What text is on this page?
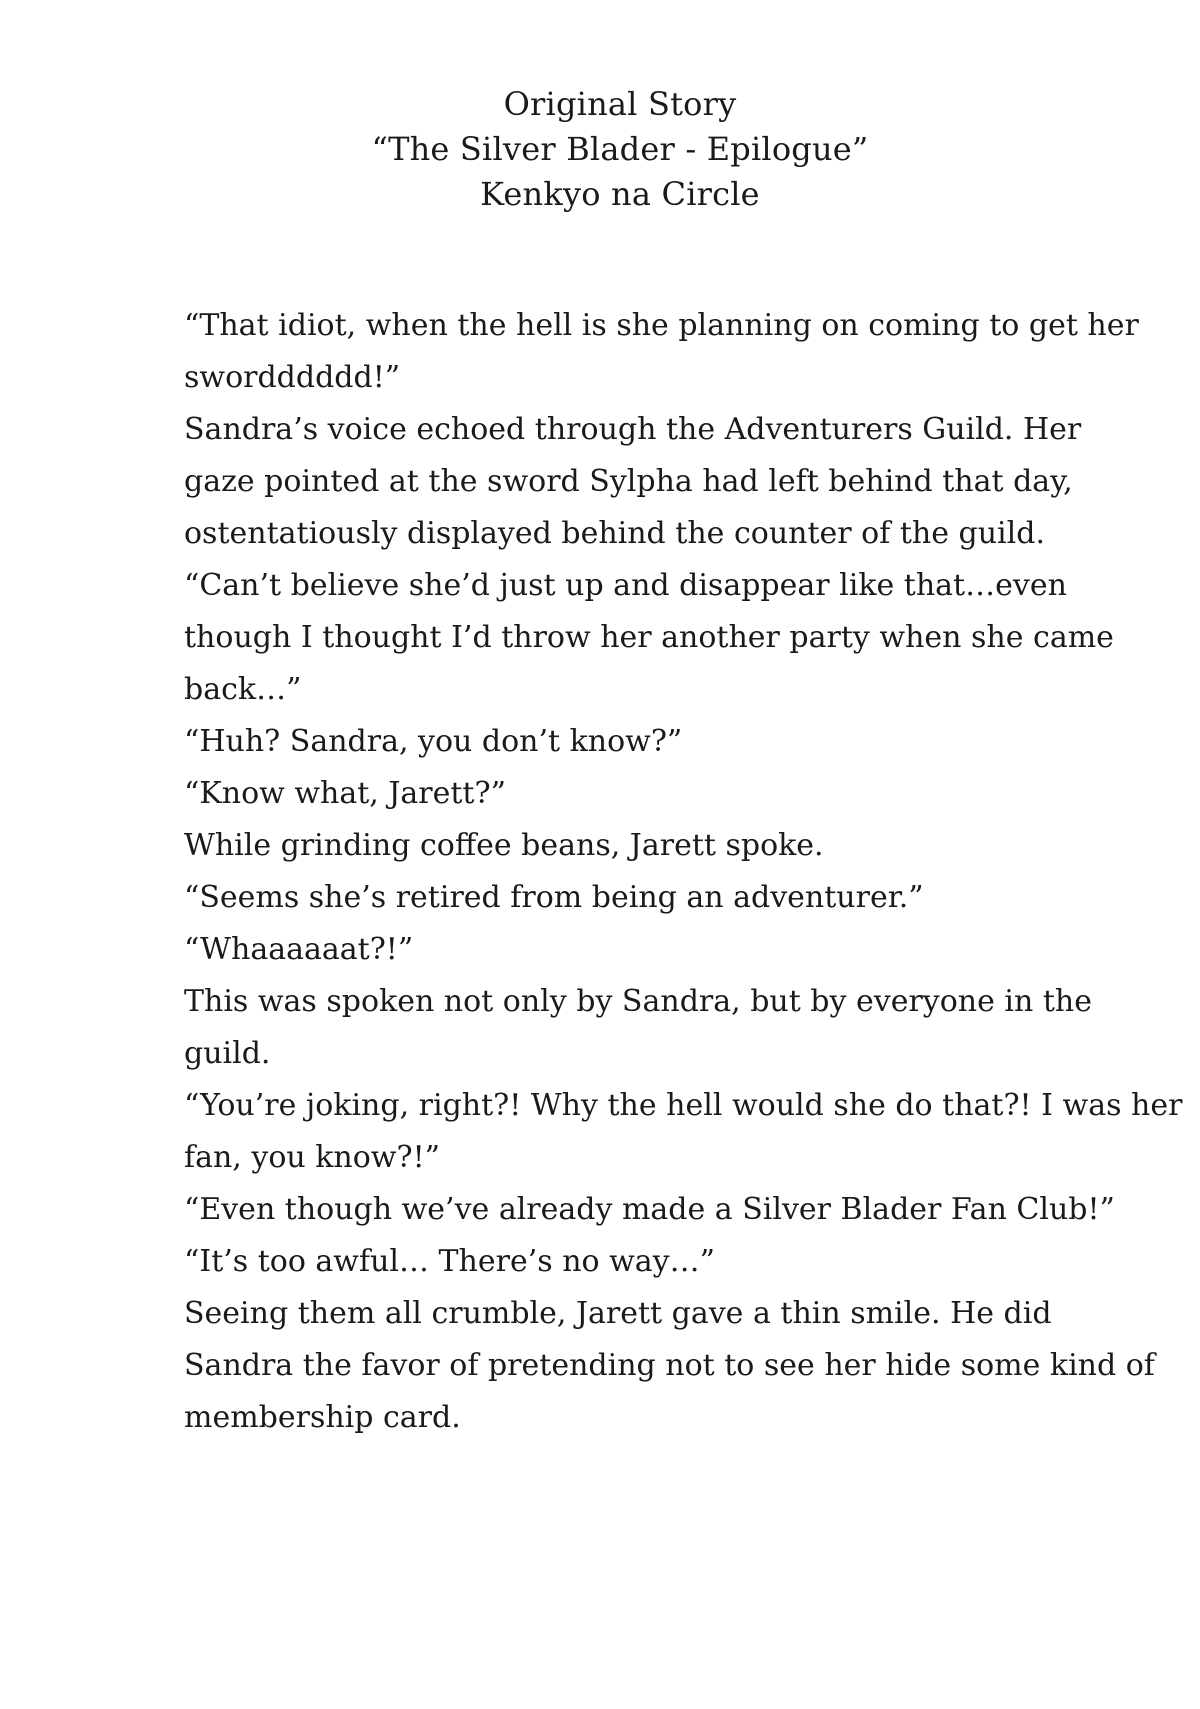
Original Story
“The Silver Blader - Epilogue”
Kenkyo na Circle
“That idiot, when the hell is she planning on coming to get her
swordddddd!”
Sandra’s voice echoed through the Adventurers Guild. Her
gaze pointed at the sword Sylpha had left behind that day,
ostentatiously displayed behind the counter of the guild.
“Can’t believe she’d just up and disappear like that…even
though I thought I’d throw her another party when she came
back…”
“Huh? Sandra, you don’t know?”
“Know what, Jarett?”
While grinding coffee beans, Jarett spoke.
“Seems she’s retired from being an adventurer.”
“Whaaaaaat?!”
This was spoken not only by Sandra, but by everyone in the
guild.
“You’re joking, right?! Why the hell would she do that?! I was her
fan, you know?!”
“Even though we’ve already made a Silver Blader Fan Club!”
“It’s too awful… There’s no way…”
Seeing them all crumble, Jarett gave a thin smile. He did
Sandra the favor of pretending not to see her hide some kind of
membership card.
